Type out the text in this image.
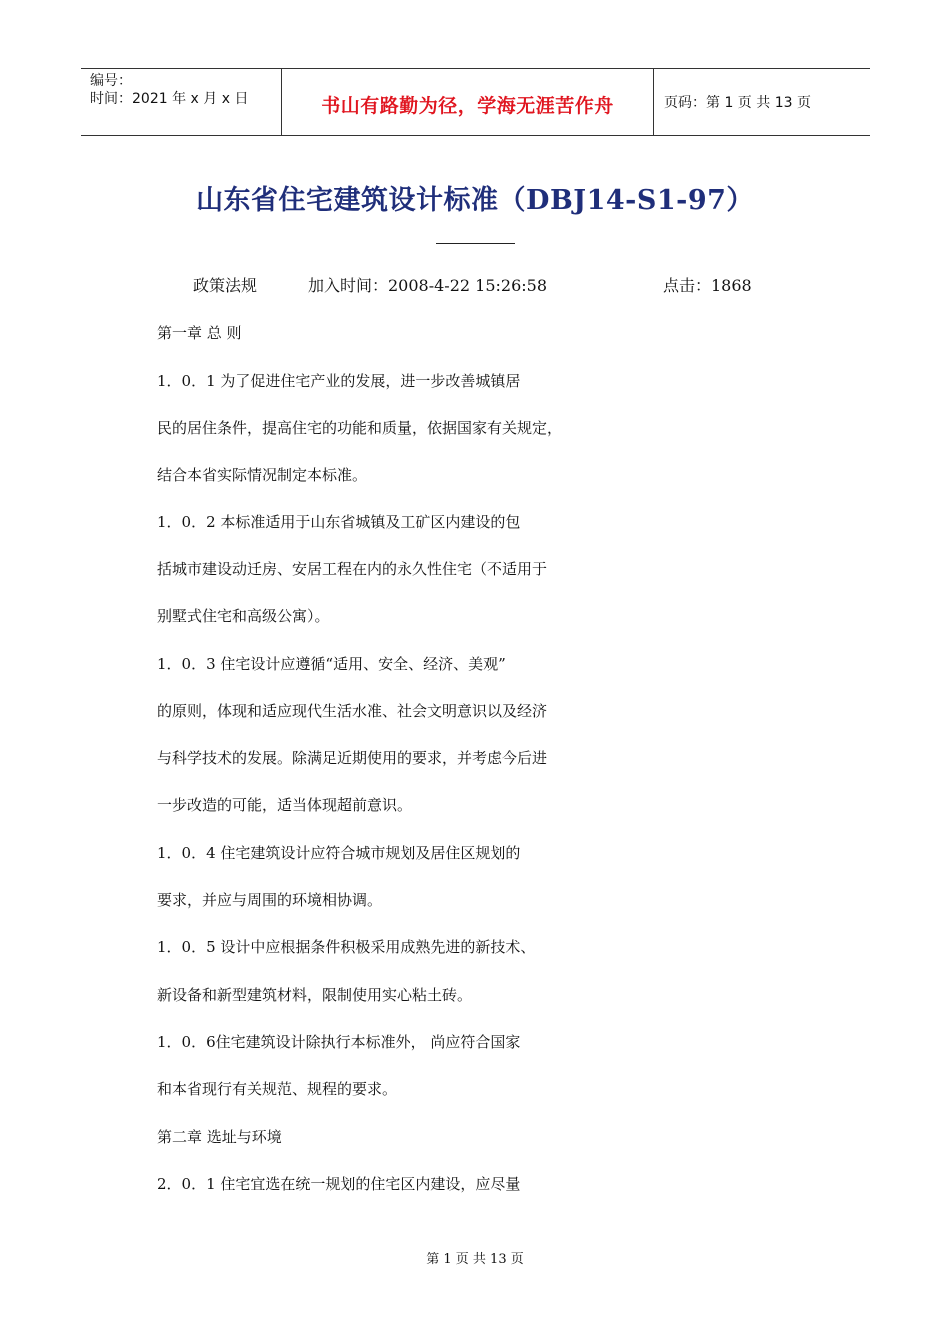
编号：
时间：2021 年 x 月 x 日	书山有路勤为径，学海无涯苦作舟	页码：第 1 页 共 13 页
山东省住宅建筑设计标准（DBJ14-S1-97）
政策法规	加入时间：2008-4-22 15:26:58	点击：1868
第一章 总 则
1．0．1 为了促进住宅产业的发展，进一步改善城镇居
民的居住条件，提高住宅的功能和质量，依据国家有关规定，
结合本省实际情况制定本标准。
1．0．2 本标准适用于山东省城镇及工矿区内建设的包
括城市建设动迁房、安居工程在内的永久性住宅（不适用于
别墅式住宅和高级公寓）。
1．0．3 住宅设计应遵循“适用、安全、经济、美观”
的原则，体现和适应现代生活水准、社会文明意识以及经济
与科学技术的发展。除满足近期使用的要求，并考虑今后进
一步改造的可能，适当体现超前意识。
1．0．4 住宅建筑设计应符合城市规划及居住区规划的
要求，并应与周围的环境相协调。
1．0．5 设计中应根据条件积极采用成熟先进的新技术、
新设备和新型建筑材料，限制使用实心粘土砖。
1．0．6住宅建筑设计除执行本标准外， 尚应符合国家
和本省现行有关规范、规程的要求。
第二章 选址与环境
2．0．1 住宅宜选在统一规划的住宅区内建设，应尽量
第 1 页 共 13 页
